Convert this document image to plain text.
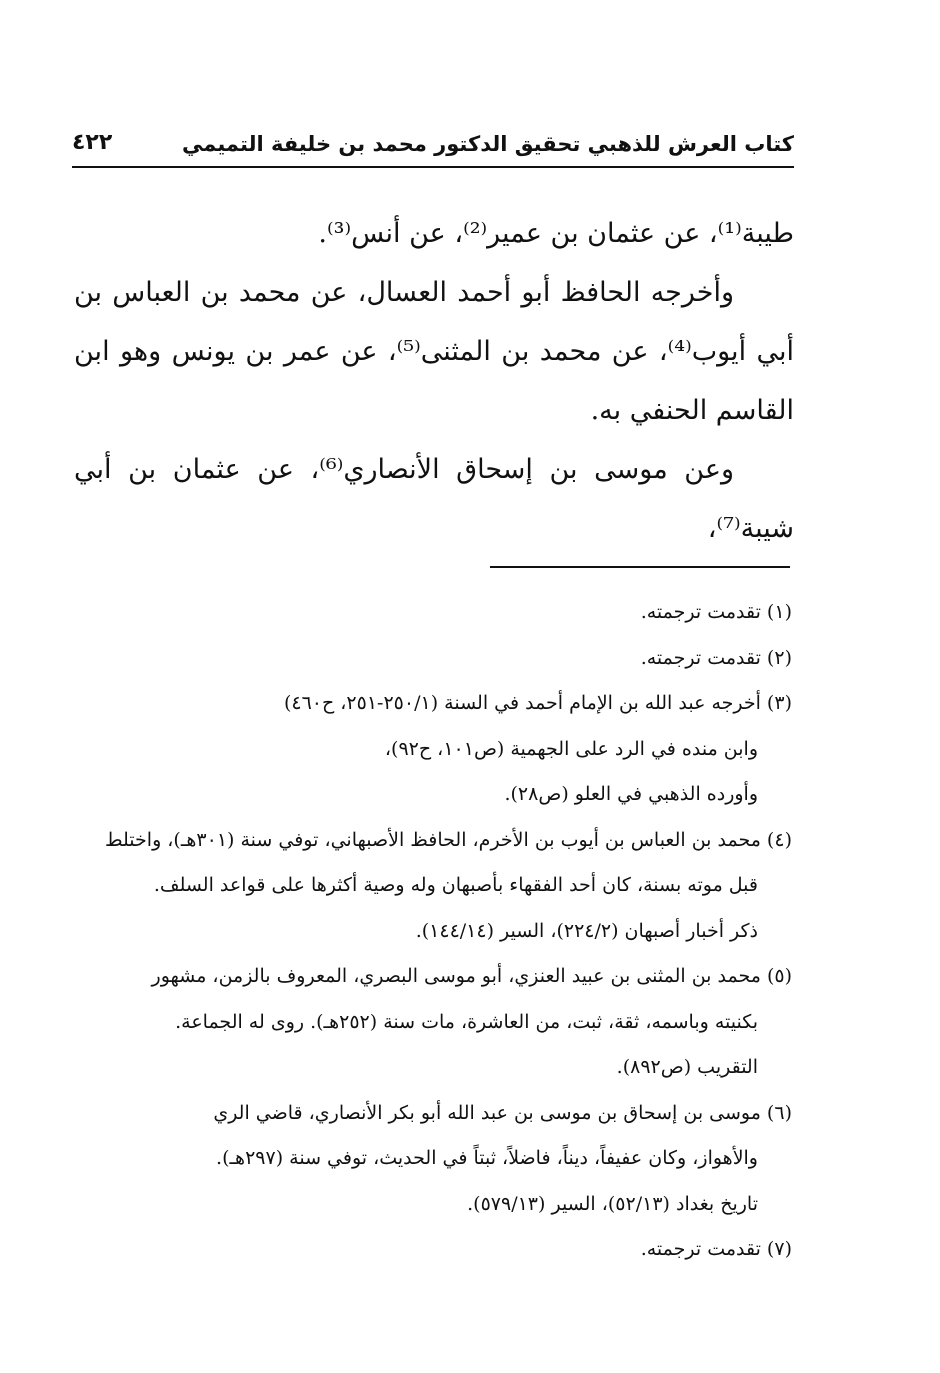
كتاب العرش للذهبي تحقيق الدكتور محمد بن خليفة التميمي
٤٢٢

طيبة⁽¹⁾، عن عثمان بن عمير⁽²⁾، عن أنس⁽³⁾.

وأخرجه الحافظ أبو أحمد العسال، عن محمد بن العباس بن أبي أيوب⁽⁴⁾، عن محمد بن المثنى⁽⁵⁾، عن عمر بن يونس وهو ابن القاسم الحنفي به.

وعن موسى بن إسحاق الأنصاري⁽⁶⁾، عن عثمان بن أبي شيبة⁽⁷⁾،

(١) تقدمت ترجمته.

(٢) تقدمت ترجمته.

(٣) أخرجه عبد الله بن الإمام أحمد في السنة (٢٥٠/١-٢٥١، ح٤٦٠)
وابن منده في الرد على الجهمية (ص١٠١، ح٩٢)،
وأورده الذهبي في العلو (ص٢٨).

(٤) محمد بن العباس بن أيوب بن الأخرم، الحافظ الأصبهاني، توفي سنة (٣٠١هـ)، واختلط
قبل موته بسنة، كان أحد الفقهاء بأصبهان وله وصية أكثرها على قواعد السلف.
ذكر أخبار أصبهان (٢٢٤/٢)، السير (١٤٤/١٤).

(٥) محمد بن المثنى بن عبيد العنزي، أبو موسى البصري، المعروف بالزمن، مشهور
بكنيته وباسمه، ثقة، ثبت، من العاشرة، مات سنة (٢٥٢هـ). روى له الجماعة.
التقريب (ص٨٩٢).

(٦) موسى بن إسحاق بن موسى بن عبد الله أبو بكر الأنصاري، قاضي الري
والأهواز، وكان عفيفاً، ديناً، فاضلاً، ثبتاً في الحديث، توفي سنة (٢٩٧هـ).
تاريخ بغداد (٥٢/١٣)، السير (٥٧٩/١٣).

(٧) تقدمت ترجمته.
